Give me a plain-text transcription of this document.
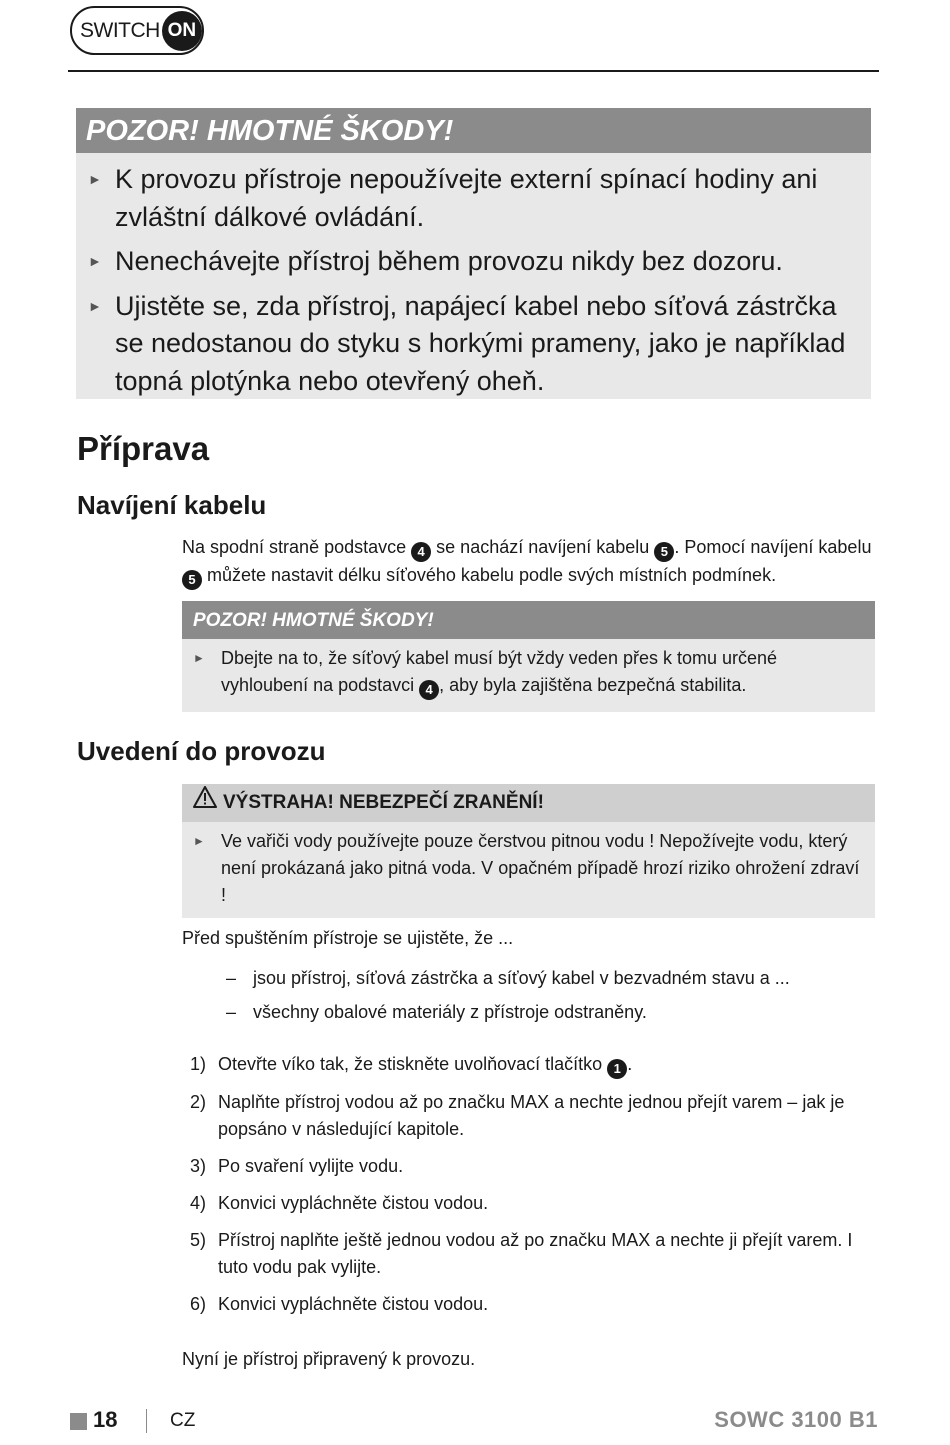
SWITCH ON
POZOR! HMOTNÉ ŠKODY!
► K provozu přístroje nepoužívejte externí spínací hodiny ani zvláštní dálkové ovládání.
► Nenechávejte přístroj během provozu nikdy bez dozoru.
► Ujistěte se, zda přístroj, napájecí kabel nebo síťová zástrčka se nedostanou do styku s horkými prameny, jako je například topná plotýnka nebo otevřený oheň.
Příprava
Navíjení kabelu
Na spodní straně podstavce 4 se nachází navíjení kabelu 5 . Pomocí navíjení kabelu 5 můžete nastavit délku síťového kabelu podle svých místních podmínek.
POZOR! HMOTNÉ ŠKODY!
► Dbejte na to, že síťový kabel musí být vždy veden přes k tomu určené vyhloubení na podstavci 4 , aby byla zajištěna bezpečná stabilita.
Uvedení do provozu
VÝSTRAHA! NEBEZPEČÍ ZRANĚNÍ!
► Ve vařiči vody používejte pouze čerstvou pitnou vodu ! Nepožívejte vodu, který není prokázaná jako pitná voda. V opačném případě hrozí riziko ohrožení zdraví !
Před spuštěním přístroje se ujistěte, že ...
– jsou přístroj, síťová zástrčka a síťový kabel v bezvadném stavu a ...
– všechny obalové materiály z přístroje odstraněny.
1) Otevřte víko tak, že stiskněte uvolňovací tlačítko 1 .
2) Naplňte přístroj vodou až po značku MAX a nechte jednou přejít varem – jak je popsáno v následující kapitole.
3) Po svaření vylijte vodu.
4) Konvici vypláchněte čistou vodou.
5) Přístroj naplňte ještě jednou vodou až po značku MAX a nechte ji přejít varem. I tuto vodu pak vylijte.
6) Konvici vypláchněte čistou vodou.
Nyní je přístroj připravený k provozu.
18	CZ	SOWC 3100 B1
